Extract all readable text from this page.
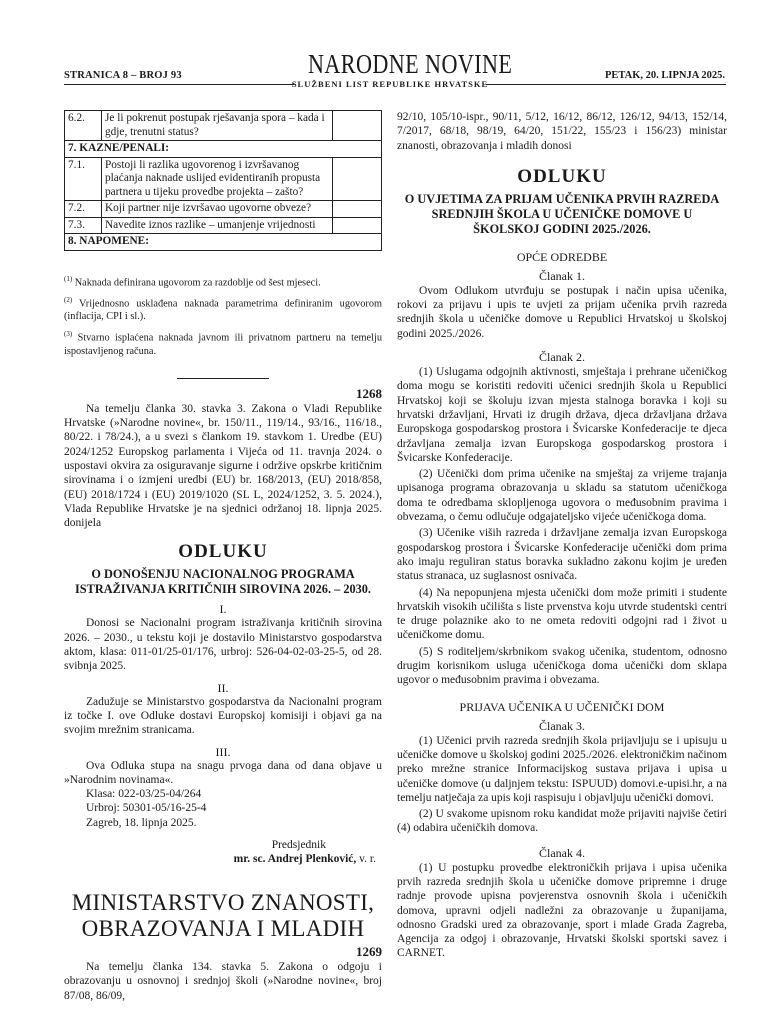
STRANICA 8 – BROJ 93	NARODNE NOVINE
SLUŽBENI LIST REPUBLIKE HRVATSKE
PETAK, 20. LIPNJA 2025.
6.2.	Je li pokrenut postupak rješavanja spora – kada i gdje, trenutni status?	
7. KAZNE/PENALI:		
7.1.	Postoji li razlika ugovorenog i izvršavanog plaćanja naknade uslijed evidentiranih propusta partnera u tijeku provedbe projekta – zašto?	
7.2.	Koji partner nije izvršavao ugovorne obveze?	
7.3.	Navedite iznos razlike – umanjenje vrijednosti	
8. NAPOMENE:		

$^{(1)}$ Naknada definirana ugovorom za razdoblje od šest mjeseci.

$^{(2)}$ Vrijednosno usklađena naknada parametrima definiranim ugovorom (inflacija, CPI i sl.).

$^{(3)}$ Stvarno isplaćena naknada javnom ili privatnom partneru na temelju ispostavljenog računa.

1268

Na temelju članka 30. stavka 3. Zakona o Vladi Republike Hrvatske (»Narodne novine«, br. 150/11., 119/14., 93/16., 116/18., 80/22. i 78/24.), a u svezi s člankom 19. stavkom 1. Uredbe (EU) 2024/1252 Europskog parlamenta i Vijeća od 11. travnja 2024. o uspostavi okvira za osiguravanje sigurne i održive opskrbe kritičnim sirovinama i o izmjeni uredbi (EU) br. 168/2013, (EU) 2018/858, (EU) 2018/1724 i (EU) 2019/1020 (SL L, 2024/1252, 3. 5. 2024.), Vlada Republike Hrvatske je na sjednici održanoj 18. lipnja 2025. donijela

ODLUKU
O DONOŠENJU NACIONALNOG PROGRAMA ISTRAŽIVANJA KRITIČNIH SIROVINA 2026. – 2030.
I.

Donosi se Nacionalni program istraživanja kritičnih sirovina 2026. – 2030., u tekstu koji je dostavilo Ministarstvo gospodarstva aktom, klasa: 011-01/25-01/176, urbroj: 526-04-02-03-25-5, od 28. svibnja 2025.

II.

Zadužuje se Ministarstvo gospodarstva da Nacionalni program iz točke I. ove Odluke dostavi Europskoj komisiji i objavi ga na svojim mrežnim stranicama.

III.

Ova Odluka stupa na snagu prvoga dana od dana objave u »Narodnim novinama«.

Klasa: 022-03/25-04/264
Urbroj: 50301-05/16-25-4
Zagreb, 18. lipnja 2025.
Predsjednik
mr. sc. Andrej Plenković, v. r.
MINISTARSTVO ZNANOSTI, OBRAZOVANJA I MLADIH
1269

Na temelju članka 134. stavka 5. Zakona o odgoju i obrazovanju u osnovnoj i srednjoj školi (»Narodne novine«, broj 87/08, 86/09,

92/10, 105/10-ispr., 90/11, 5/12, 16/12, 86/12, 126/12, 94/13, 152/14, 7/2017, 68/18, 98/19, 64/20, 151/22, 155/23 i 156/23) ministar znanosti, obrazovanja i mladih donosi

ODLUKU
O UVJETIMA ZA PRIJAM UČENIKA PRVIH RAZREDA SREDNJIH ŠKOLA U UČENIČKE DOMOVE U ŠKOLSKOJ GODINI 2025./2026.
OPĆE ODREDBE
Članak 1.

Ovom Odlukom utvrđuju se postupak i način upisa učenika, rokovi za prijavu i upis te uvjeti za prijam učenika prvih razreda srednjih škola u učeničke domove u Republici Hrvatskoj u školskoj godini 2025./2026.

Članak 2.

(1) Uslugama odgojnih aktivnosti, smještaja i prehrane učeničkog doma mogu se koristiti redoviti učenici srednjih škola u Republici Hrvatskoj koji se školuju izvan mjesta stalnoga boravka i koji su hrvatski državljani, Hrvati iz drugih država, djeca državljana država Europskoga gospodarskog prostora i Švicarske Konfederacije te djeca državljana zemalja izvan Europskoga gospodarskog prostora i Švicarske Konfederacije.

(2) Učenički dom prima učenike na smještaj za vrijeme trajanja upisanoga programa obrazovanja u skladu sa statutom učeničkoga doma te odredbama sklopljenoga ugovora o međusobnim pravima i obvezama, o čemu odlučuje odgajateljsko vijeće učeničkoga doma.

(3) Učenike viših razreda i državljane zemalja izvan Europskoga gospodarskog prostora i Švicarske Konfederacije učenički dom prima ako imaju reguliran status boravka sukladno zakonu kojim je uređen status stranaca, uz suglasnost osnivača.

(4) Na nepopunjena mjesta učenički dom može primiti i studente hrvatskih visokih učilišta s liste prvenstva koju utvrde studentski centri te druge polaznike ako to ne ometa redoviti odgojni rad i život u učeničkome domu.

(5) S roditeljem/skrbnikom svakog učenika, studentom, odnosno drugim korisnikom usluga učeničkoga doma učenički dom sklapa ugovor o međusobnim pravima i obvezama.

PRIJAVA UČENIKA U UČENIČKI DOM
Članak 3.

(1) Učenici prvih razreda srednjih škola prijavljuju se i upisuju u učeničke domove u školskoj godini 2025./2026. elektroničkim načinom preko mrežne stranice Informacijskog sustava prijava i upisa u učeničke domove (u daljnjem tekstu: ISPUUD) domovi.e-upisi.hr, a na temelju natječaja za upis koji raspisuju i objavljuju učenički domovi.

(2) U svakome upisnom roku kandidat može prijaviti najviše četiri (4) odabira učeničkih domova.

Članak 4.

(1) U postupku provedbe elektroničkih prijava i upisa učenika prvih razreda srednjih škola u učeničke domove pripremne i druge radnje provode upisna povjerenstva osnovnih škola i učeničkih domova, upravni odjeli nadležni za obrazovanje u županijama, odnosno Gradski ured za obrazovanje, sport i mlade Grada Zagreba, Agencija za odgoj i obrazovanje, Hrvatski školski sportski savez i CARNET.
